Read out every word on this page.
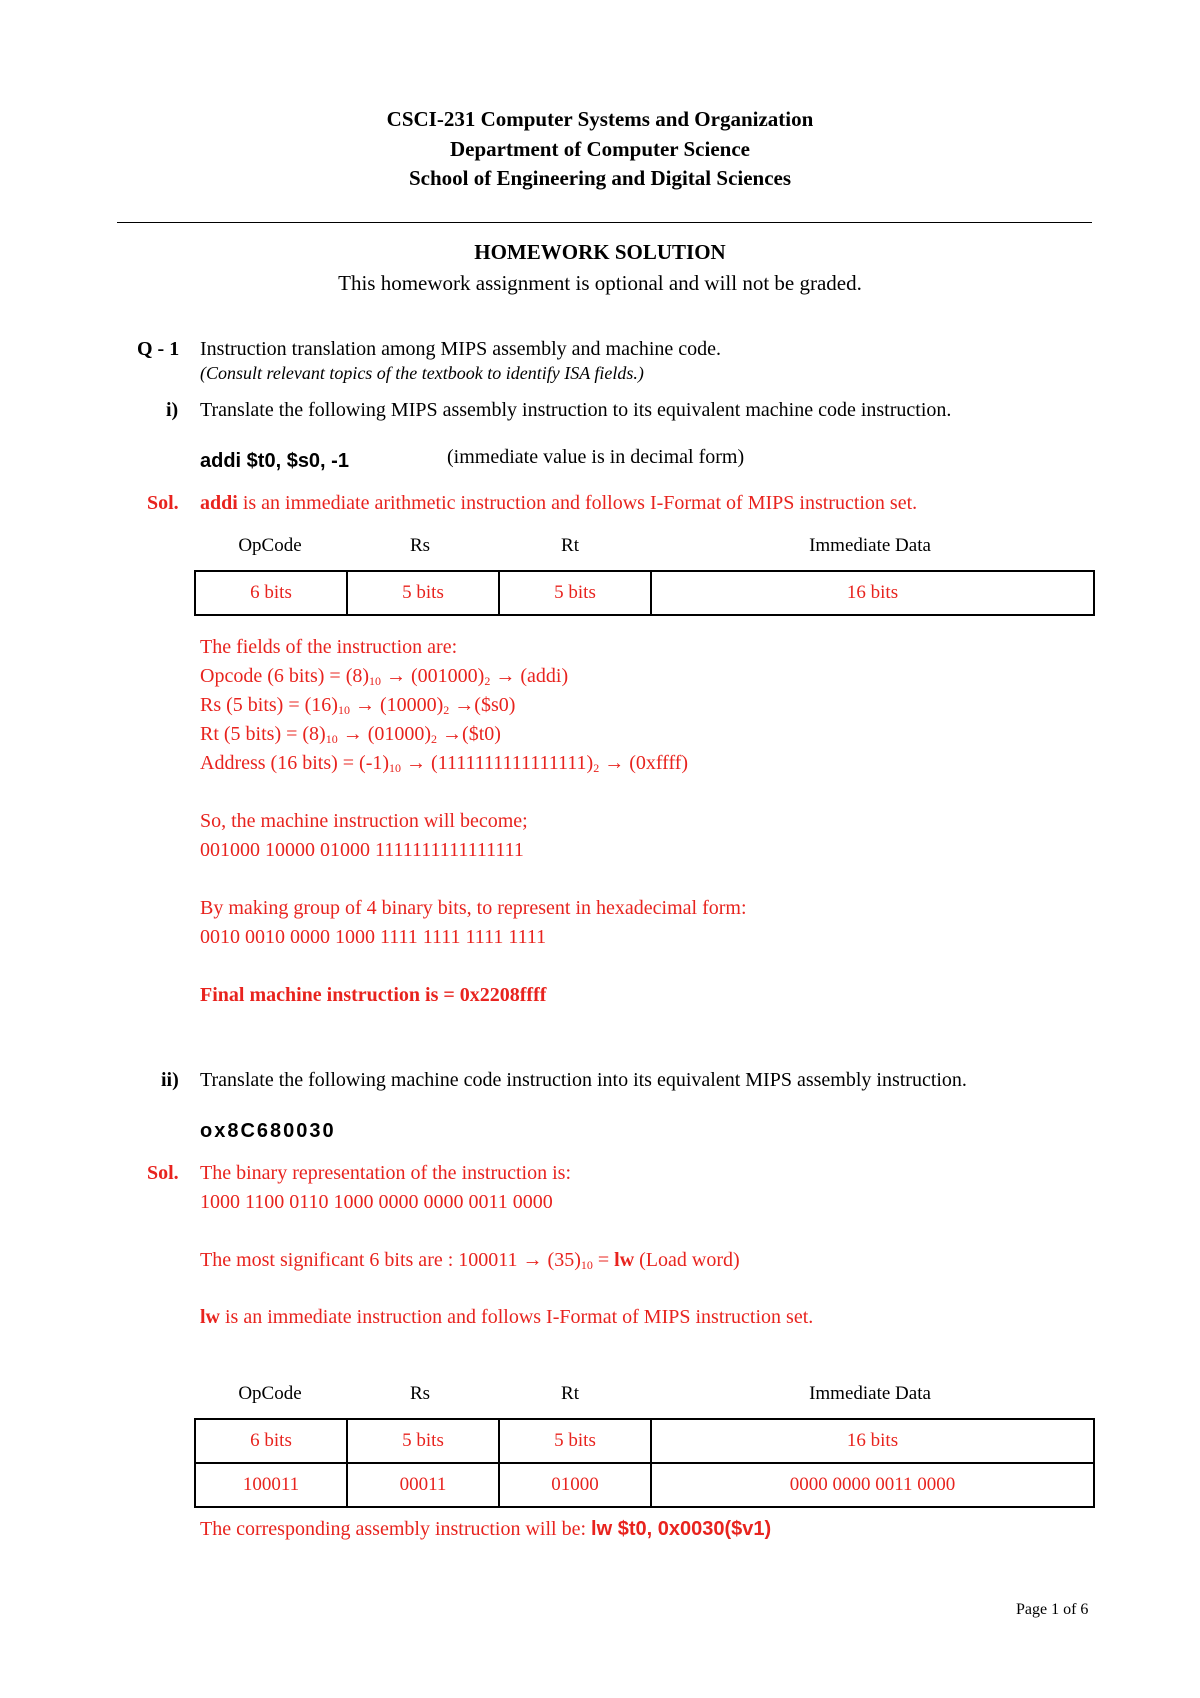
CSCI-231 Computer Systems and Organization
Department of Computer Science
School of Engineering and Digital Sciences
HOMEWORK SOLUTION
This homework assignment is optional and will not be graded.
Q - 1 Instruction translation among MIPS assembly and machine code.
(Consult relevant topics of the textbook to identify ISA fields.)
i) Translate the following MIPS assembly instruction to its equivalent machine code instruction.
addi $t0, $s0, -1	(immediate value is in decimal form)
Sol. addi is an immediate arithmetic instruction and follows I-Format of MIPS instruction set.
OpCode	Rs	Rt	Immediate Data
6 bits	5 bits	5 bits	16 bits
The fields of the instruction are:
Opcode (6 bits) = $(8)_{10} \to (001000)_2$ → (addi)
Rs (5 bits) = $(16)_{10} \to (10000)_2$ →($s0)
Rt (5 bits) = $(8)_{10} \to (01000)_2$ →($t0)
Address (16 bits) = $(-1)_{10} \to (1111111111111111)_2$ → (0xffff)
So, the machine instruction will become;
001000 10000 01000 1111111111111111
By making group of 4 binary bits, to represent in hexadecimal form:
0010 0010 0000 1000 1111 1111 1111 1111
Final machine instruction is = 0x2208ffff
ii) Translate the following machine code instruction into its equivalent MIPS assembly instruction.
ox8C680030
Sol. The binary representation of the instruction is:
1000 1100 0110 1000 0000 0000 0011 0000
The most significant 6 bits are : $100011 \to (35)_{10}$ = lw (Load word)
lw is an immediate instruction and follows I-Format of MIPS instruction set.
OpCode	Rs	Rt	Immediate Data
6 bits	5 bits	5 bits	16 bits
100011	00011	01000	0000 0000 0011 0000
The corresponding assembly instruction will be: lw $t0, 0x0030($v1)
Page 1 of 6
